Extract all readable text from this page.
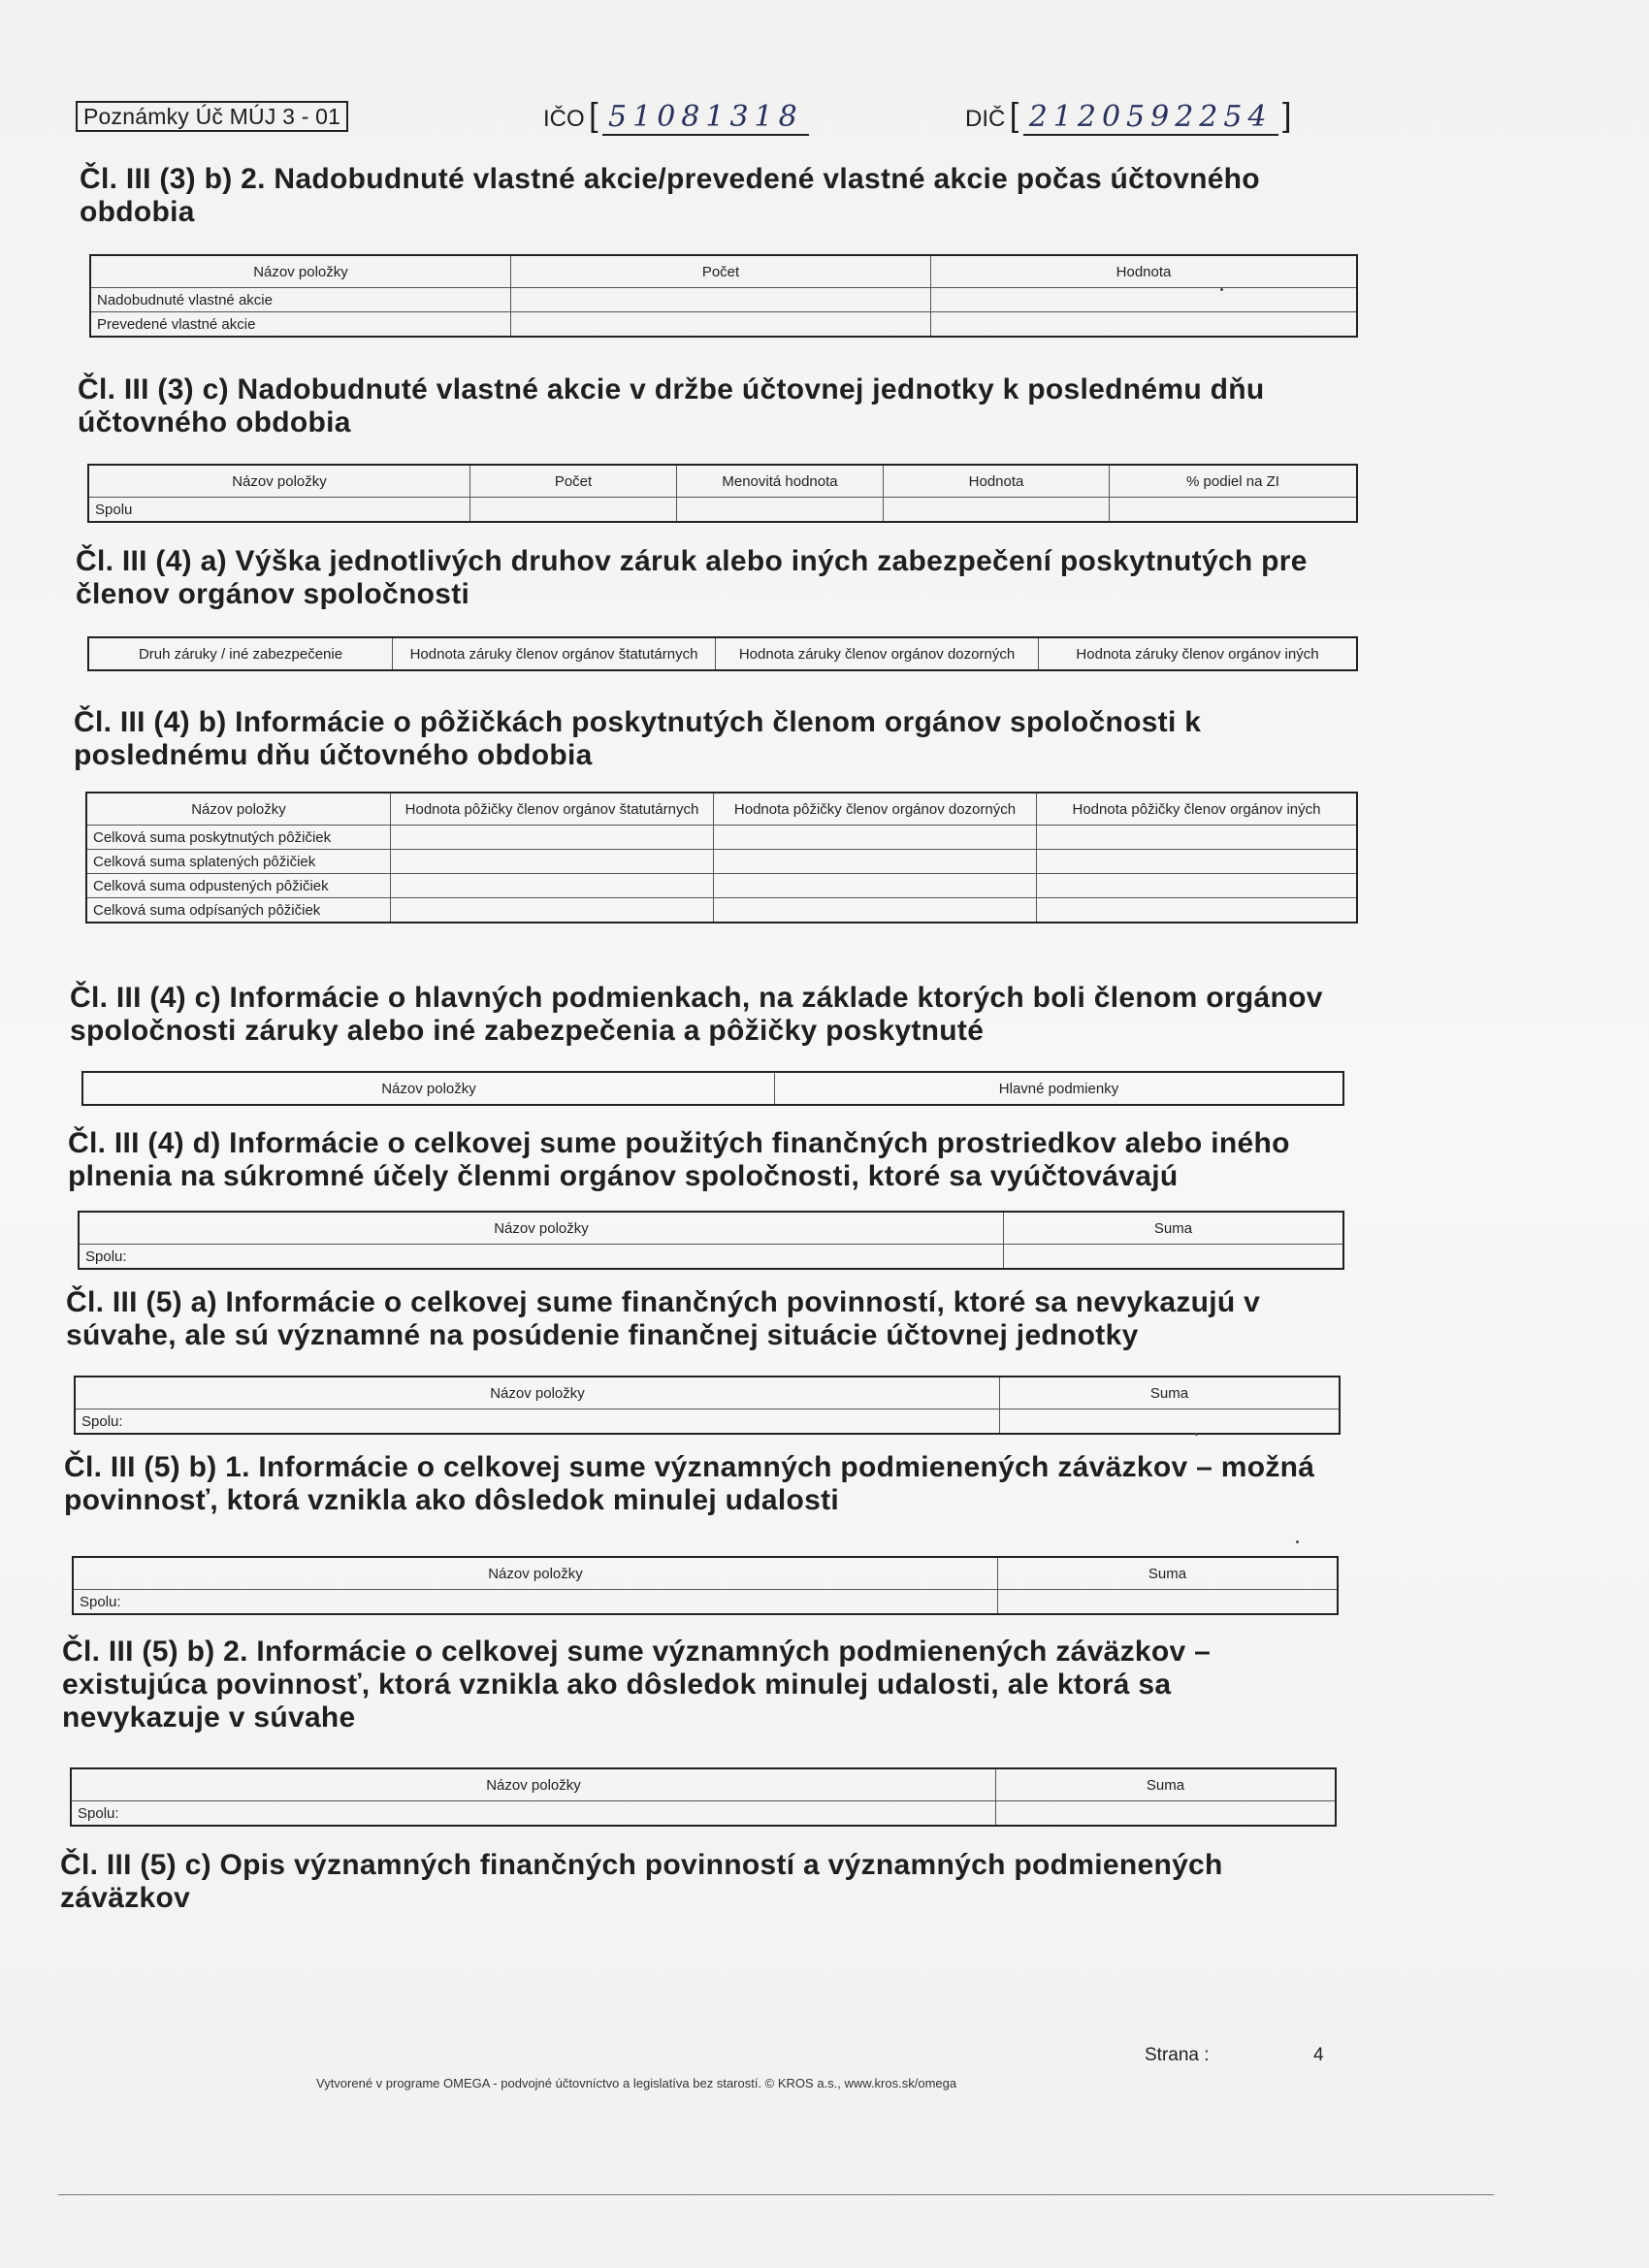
Poznámky Úč MÚJ 3 - 01	IČO [ 51081318	DIČ [ 2120592254 ]
Čl. III (3) b) 2. Nadobudnuté vlastné akcie/prevedené vlastné akcie počas účtovného obdobia
Názov položky	Počet	Hodnota
Nadobudnuté vlastné akcie		
Prevedené vlastné akcie		
Čl. III (3) c) Nadobudnuté vlastné akcie v držbe účtovnej jednotky k poslednému dňu účtovného obdobia
Názov položky	Počet	Menovitá hodnota	Hodnota	% podiel na ZI
Spolu				
Čl. III (4) a) Výška jednotlivých druhov záruk alebo iných zabezpečení poskytnutých pre členov orgánov spoločnosti
Druh záruky / iné zabezpečenie	Hodnota záruky členov orgánov štatutárnych	Hodnota záruky členov orgánov dozorných	Hodnota záruky členov orgánov iných
Čl. III (4) b) Informácie o pôžičkách poskytnutých členom orgánov spoločnosti k poslednému dňu účtovného obdobia
Názov položky	Hodnota pôžičky členov orgánov štatutárnych	Hodnota pôžičky členov orgánov dozorných	Hodnota pôžičky členov orgánov iných
Celková suma poskytnutých pôžičiek			
Celková suma splatených pôžičiek			
Celková suma odpustených pôžičiek			
Celková suma odpísaných pôžičiek			
Čl. III (4) c) Informácie o hlavných podmienkach, na základe ktorých boli členom orgánov spoločnosti záruky alebo iné zabezpečenia a pôžičky poskytnuté
Názov položky	Hlavné podmienky
Čl. III (4) d) Informácie o celkovej sume použitých finančných prostriedkov alebo iného plnenia na súkromné účely členmi orgánov spoločnosti, ktoré sa vyúčtovávajú
Názov položky	Suma
Spolu:	
Čl. III (5) a) Informácie o celkovej sume finančných povinností, ktoré sa nevykazujú v súvahe, ale sú významné na posúdenie finančnej situácie účtovnej jednotky
Názov položky	Suma
Spolu:	
Čl. III (5) b) 1. Informácie o celkovej sume významných podmienených záväzkov – možná povinnosť, ktorá vznikla ako dôsledok minulej udalosti
Názov položky	Suma
Spolu:	
Čl. III (5) b) 2. Informácie o celkovej sume významných podmienených záväzkov – existujúca povinnosť, ktorá vznikla ako dôsledok minulej udalosti, ale ktorá sa nevykazuje v súvahe
Názov položky	Suma
Spolu:	
Čl. III (5) c) Opis významných finančných povinností a významných podmienených záväzkov
Strana :	4
Vytvorené v programe OMEGA - podvojné účtovníctvo a legislatíva bez starostí. © KROS a.s., www.kros.sk/omega
